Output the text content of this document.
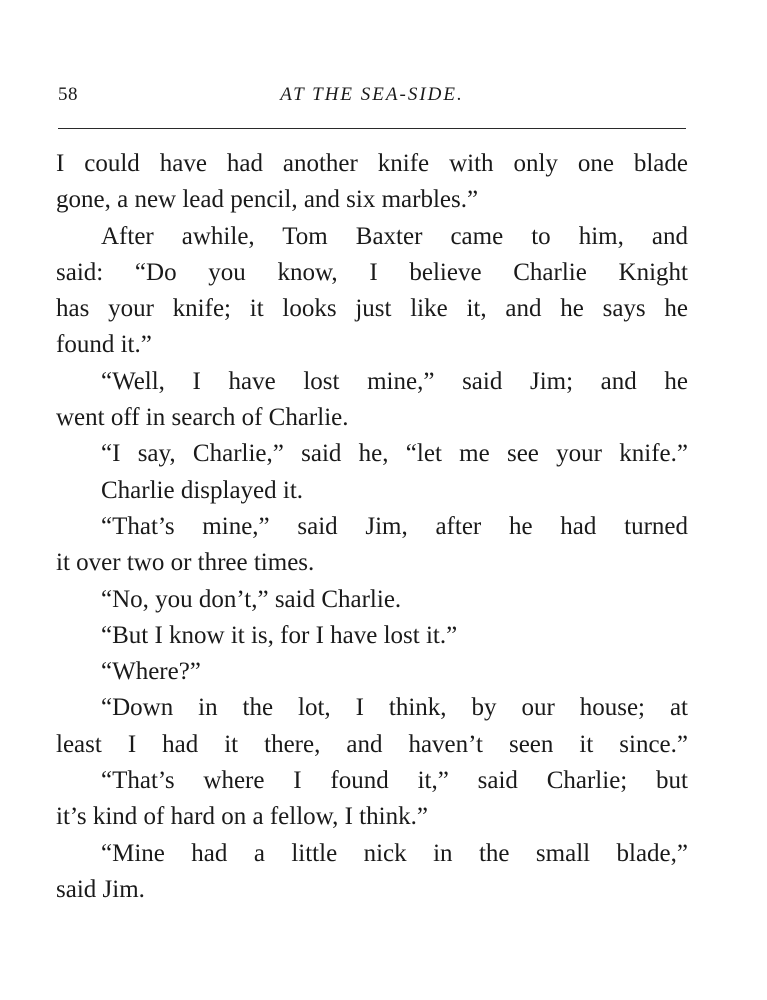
58	AT THE SEA-SIDE.
I could have had another knife with only one blade
gone, a new lead pencil, and six marbles.”
After awhile, Tom Baxter came to him, and
said: “Do you know, I believe Charlie Knight
has your knife; it looks just like it, and he says he
found it.”
“Well, I have lost mine,” said Jim; and he
went off in search of Charlie.
“I say, Charlie,” said he, “let me see your knife.”
Charlie displayed it.
“That’s mine,” said Jim, after he had turned
it over two or three times.
“No, you don’t,” said Charlie.
“But I know it is, for I have lost it.”
“Where?”
“Down in the lot, I think, by our house; at
least I had it there, and haven’t seen it since.”
“That’s where I found it,” said Charlie; but
it’s kind of hard on a fellow, I think.”
“Mine had a little nick in the small blade,”
said Jim.
